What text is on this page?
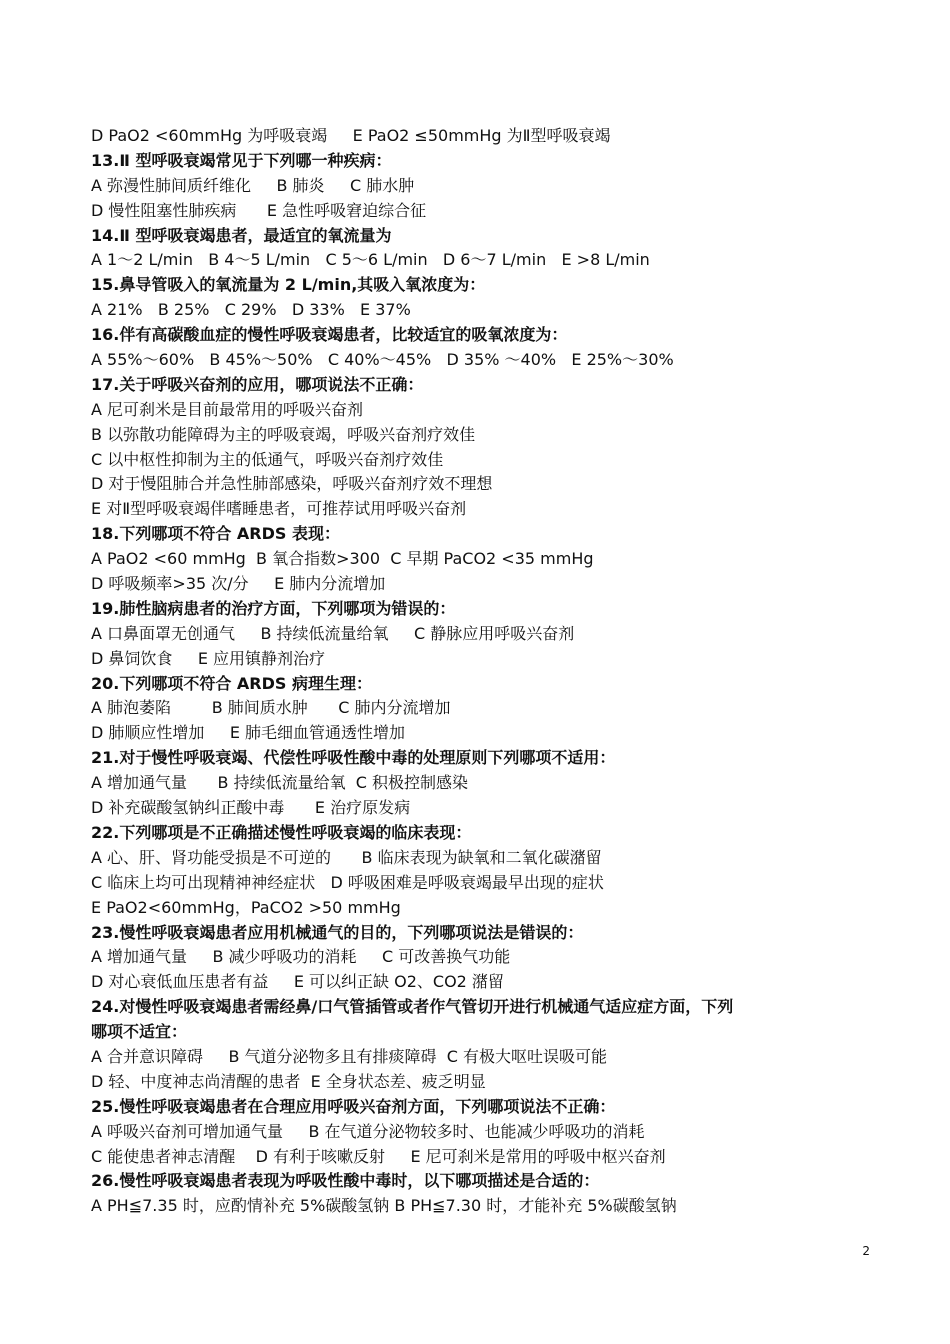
D PaO2 <60mmHg 为呼吸衰竭     E PaO2 ≤50mmHg 为Ⅱ型呼吸衰竭
13.Ⅱ 型呼吸衰竭常见于下列哪一种疾病：
A 弥漫性肺间质纤维化     B 肺炎     C 肺水肿
D 慢性阻塞性肺疾病      E 急性呼吸窘迫综合征
14.Ⅱ 型呼吸衰竭患者，最适宜的氧流量为
A 1～2 L/min   B 4～5 L/min   C 5～6 L/min   D 6～7 L/min   E >8 L/min
15.鼻导管吸入的氧流量为 2 L/min,其吸入氧浓度为：
A 21%   B 25%   C 29%   D 33%   E 37%
16.伴有高碳酸血症的慢性呼吸衰竭患者，比较适宜的吸氧浓度为：
A 55%～60%   B 45%～50%   C 40%～45%   D 35% ～40%   E 25%～30%
17.关于呼吸兴奋剂的应用，哪项说法不正确：
A 尼可刹米是目前最常用的呼吸兴奋剂
B 以弥散功能障碍为主的呼吸衰竭，呼吸兴奋剂疗效佳
C 以中枢性抑制为主的低通气，呼吸兴奋剂疗效佳
D 对于慢阻肺合并急性肺部感染，呼吸兴奋剂疗效不理想
E 对Ⅱ型呼吸衰竭伴嗜睡患者，可推荐试用呼吸兴奋剂
18.下列哪项不符合 ARDS 表现：
A PaO2 <60 mmHg  B 氧合指数>300  C 早期 PaCO2 <35 mmHg
D 呼吸频率>35 次/分     E 肺内分流增加
19.肺性脑病患者的治疗方面，下列哪项为错误的：
A 口鼻面罩无创通气     B 持续低流量给氧     C 静脉应用呼吸兴奋剂
D 鼻饲饮食     E 应用镇静剂治疗
20.下列哪项不符合 ARDS 病理生理：
A 肺泡萎陷        B 肺间质水肿      C 肺内分流增加
D 肺顺应性增加     E 肺毛细血管通透性增加
21.对于慢性呼吸衰竭、代偿性呼吸性酸中毒的处理原则下列哪项不适用：
A 增加通气量      B 持续低流量给氧  C 积极控制感染
D 补充碳酸氢钠纠正酸中毒      E 治疗原发病
22.下列哪项是不正确描述慢性呼吸衰竭的临床表现：
A 心、肝、肾功能受损是不可逆的      B 临床表现为缺氧和二氧化碳潴留
C 临床上均可出现精神神经症状   D 呼吸困难是呼吸衰竭最早出现的症状
E PaO2<60mmHg，PaCO2 >50 mmHg
23.慢性呼吸衰竭患者应用机械通气的目的，下列哪项说法是错误的：
A 增加通气量     B 减少呼吸功的消耗     C 可改善换气功能
D 对心衰低血压患者有益     E 可以纠正缺 O2、CO2 潴留
24.对慢性呼吸衰竭患者需经鼻/口气管插管或者作气管切开进行机械通气适应症方面，下列
哪项不适宜：
A 合并意识障碍     B 气道分泌物多且有排痰障碍  C 有极大呕吐误吸可能
D 轻、中度神志尚清醒的患者  E 全身状态差、疲乏明显
25.慢性呼吸衰竭患者在合理应用呼吸兴奋剂方面，下列哪项说法不正确：
A 呼吸兴奋剂可增加通气量     B 在气道分泌物较多时、也能减少呼吸功的消耗
C 能使患者神志清醒    D 有利于咳嗽反射     E 尼可刹米是常用的呼吸中枢兴奋剂
26.慢性呼吸衰竭患者表现为呼吸性酸中毒时，以下哪项描述是合适的：
A PH≦7.35 时，应酌情补充 5%碳酸氢钠 B PH≦7.30 时，才能补充 5%碳酸氢钠
2
